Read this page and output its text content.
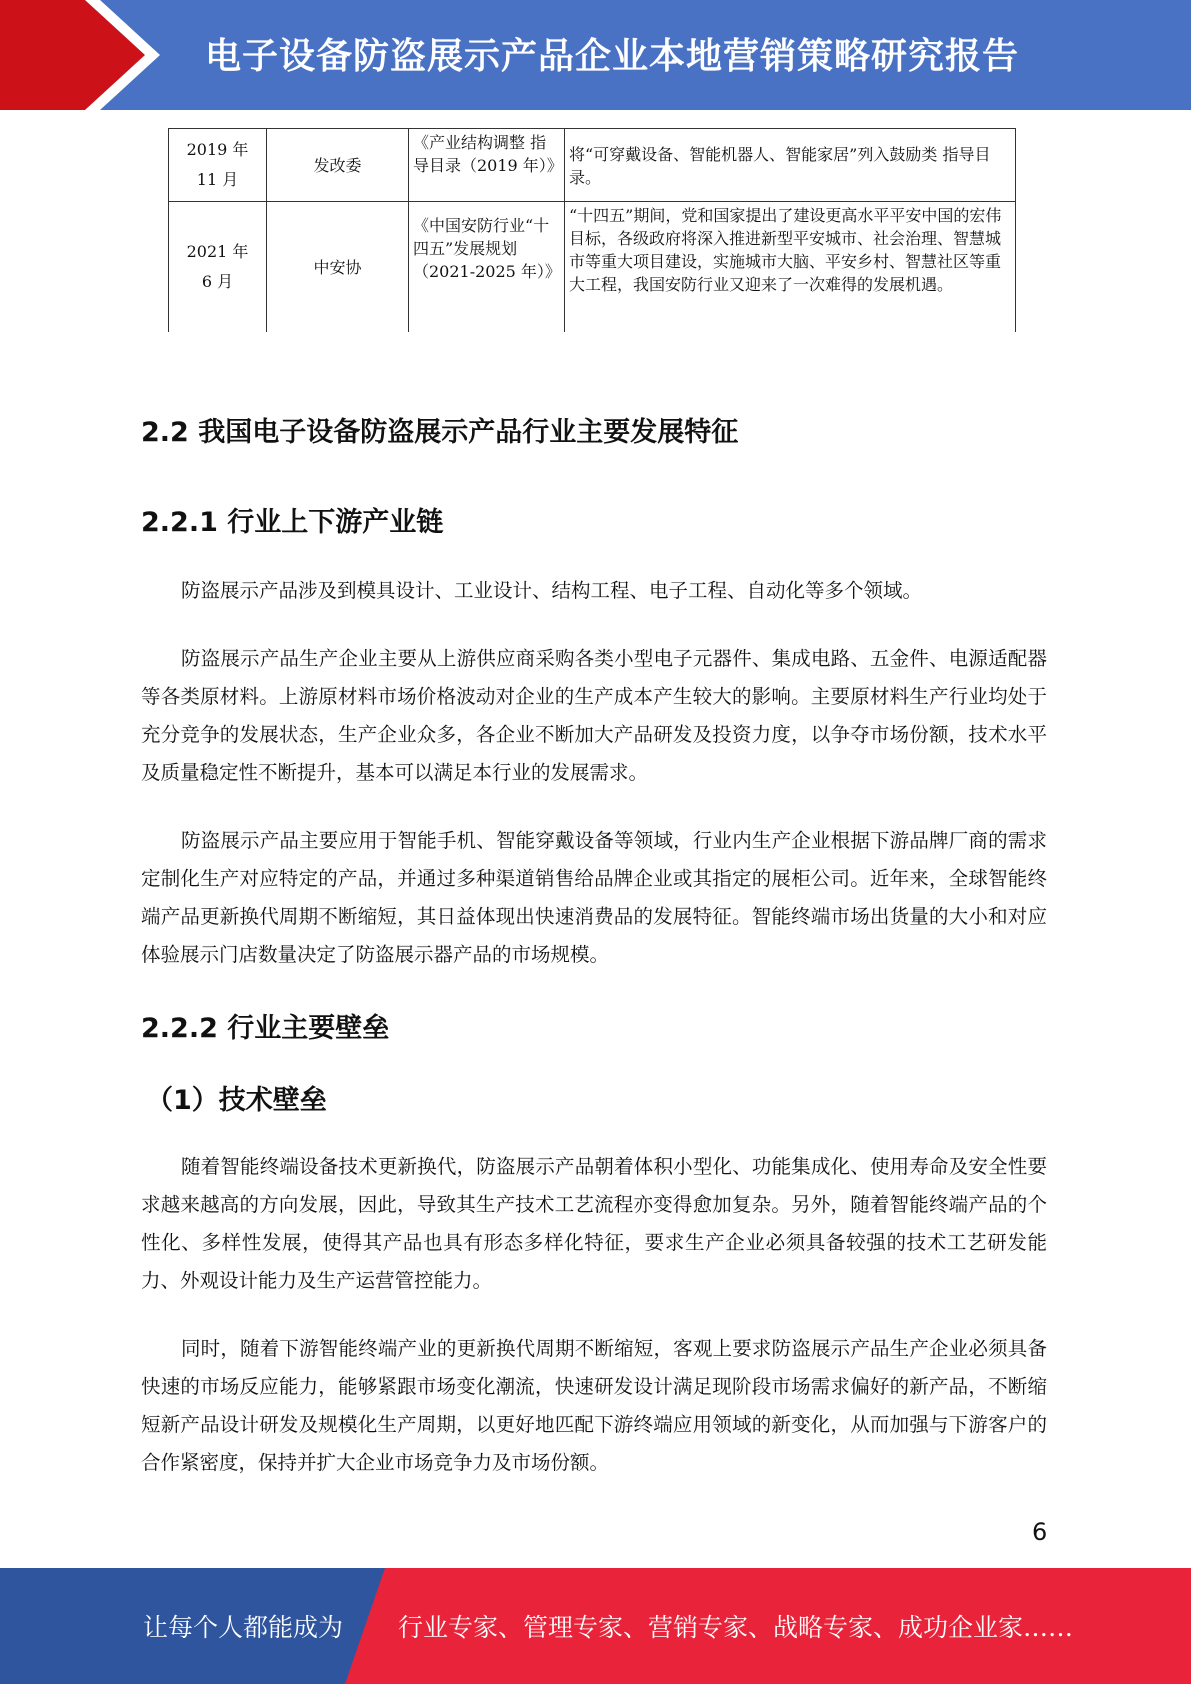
电子设备防盗展示产品企业本地营销策略研究报告
2019 年
11 月	发改委	《产业结构调整 指导目录（2019 年）》	将“可穿戴设备、智能机器人、智能家居”列入鼓励类 指导目录。

2021 年
6 月	中安协	《中国安防行业“十四五”发展规划（2021-2025 年）》	“十四五”期间，党和国家提出了建设更高水平平安中国的宏伟目标，各级政府将深入推进新型平安城市、社会治理、智慧城市等重大项目建设，实施城市大脑、平安乡村、智慧社区等重大工程，我国安防行业又迎来了一次难得的发展机遇。
2.2 我国电子设备防盗展示产品行业主要发展特征
2.2.1 行业上下游产业链
防盗展示产品涉及到模具设计、工业设计、结构工程、电子工程、自动化等多个领域。
防盗展示产品生产企业主要从上游供应商采购各类小型电子元器件、集成电路、五金件、电源适配器等各类原材料。上游原材料市场价格波动对企业的生产成本产生较大的影响。主要原材料生产行业均处于充分竞争的发展状态，生产企业众多，各企业不断加大产品研发及投资力度，以争夺市场份额，技术水平及质量稳定性不断提升，基本可以满足本行业的发展需求。
防盗展示产品主要应用于智能手机、智能穿戴设备等领域，行业内生产企业根据下游品牌厂商的需求定制化生产对应特定的产品，并通过多种渠道销售给品牌企业或其指定的展柜公司。近年来，全球智能终端产品更新换代周期不断缩短，其日益体现出快速消费品的发展特征。智能终端市场出货量的大小和对应体验展示门店数量决定了防盗展示器产品的市场规模。
2.2.2 行业主要壁垒
（1）技术壁垒
随着智能终端设备技术更新换代，防盗展示产品朝着体积小型化、功能集成化、使用寿命及安全性要求越来越高的方向发展，因此，导致其生产技术工艺流程亦变得愈加复杂。另外，随着智能终端产品的个性化、多样性发展，使得其产品也具有形态多样化特征，要求生产企业必须具备较强的技术工艺研发能力、外观设计能力及生产运营管控能力。
同时，随着下游智能终端产业的更新换代周期不断缩短，客观上要求防盗展示产品生产企业必须具备快速的市场反应能力，能够紧跟市场变化潮流，快速研发设计满足现阶段市场需求偏好的新产品，不断缩短新产品设计研发及规模化生产周期，以更好地匹配下游终端应用领域的新变化，从而加强与下游客户的合作紧密度，保持并扩大企业市场竞争力及市场份额。
6
让每个人都能成为 行业专家、管理专家、营销专家、战略专家、成功企业家……
